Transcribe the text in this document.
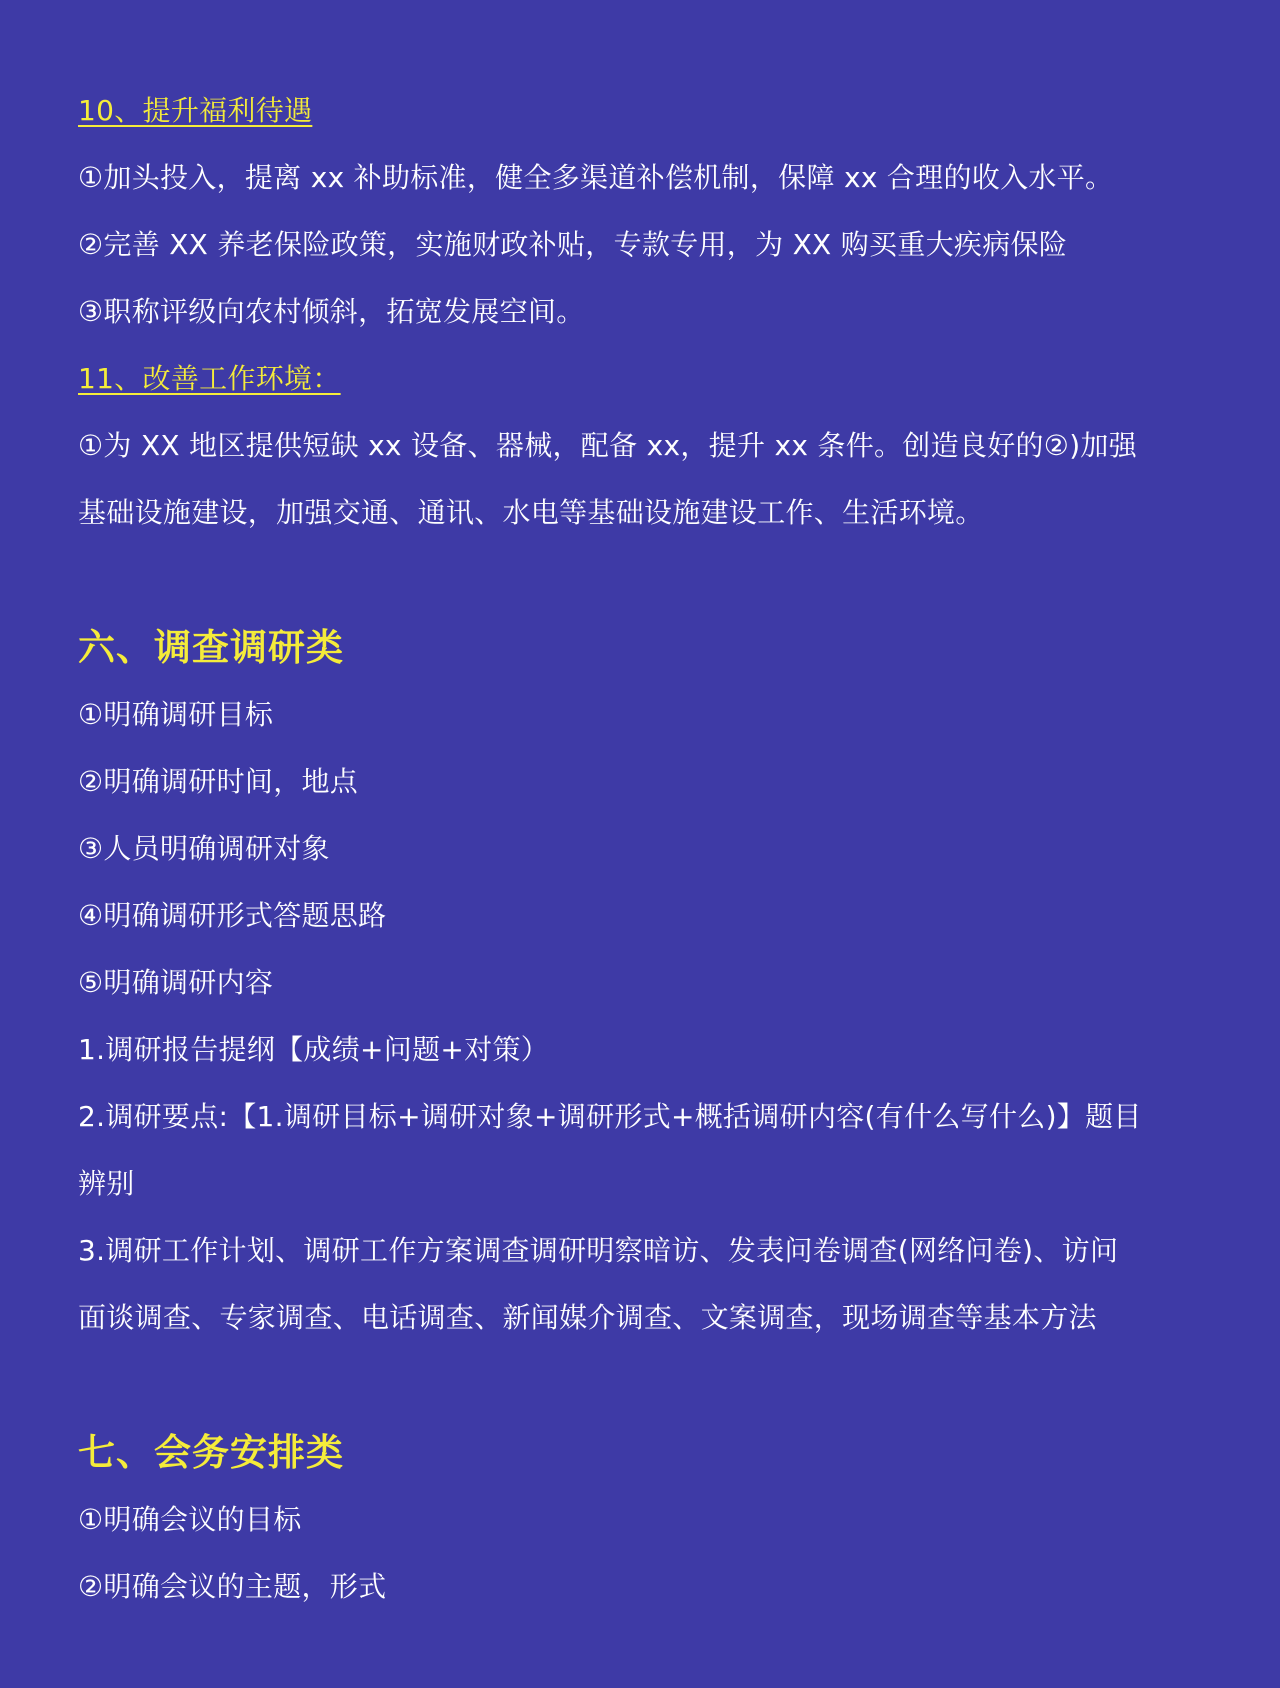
10、提升福利待遇
①加头投入，提离 xx 补助标准，健全多渠道补偿机制，保障 xx 合理的收入水平。
②完善 XX 养老保险政策，实施财政补贴，专款专用，为 XX 购买重大疾病保险
③职称评级向农村倾斜，拓宽发展空间。
11、改善工作环境：
①为 XX 地区提供短缺 xx 设备、器械，配备 xx，提升 xx 条件。创造良好的②)加强
基础设施建设，加强交通、通讯、水电等基础设施建设工作、生活环境。
六、调查调研类
①明确调研目标
②明确调研时间，地点
③人员明确调研对象
④明确调研形式答题思路
⑤明确调研内容
1.调研报告提纲【成绩+问题+对策）
2.调研要点:【1.调研目标+调研对象+调研形式+概括调研内容(有什么写什么)】题目
辨别
3.调研工作计划、调研工作方案调查调研明察暗访、发表问卷调查(网络问卷)、访问
面谈调查、专家调查、电话调查、新闻媒介调查、文案调查，现场调查等基本方法
七、会务安排类
①明确会议的目标
②明确会议的主题，形式
